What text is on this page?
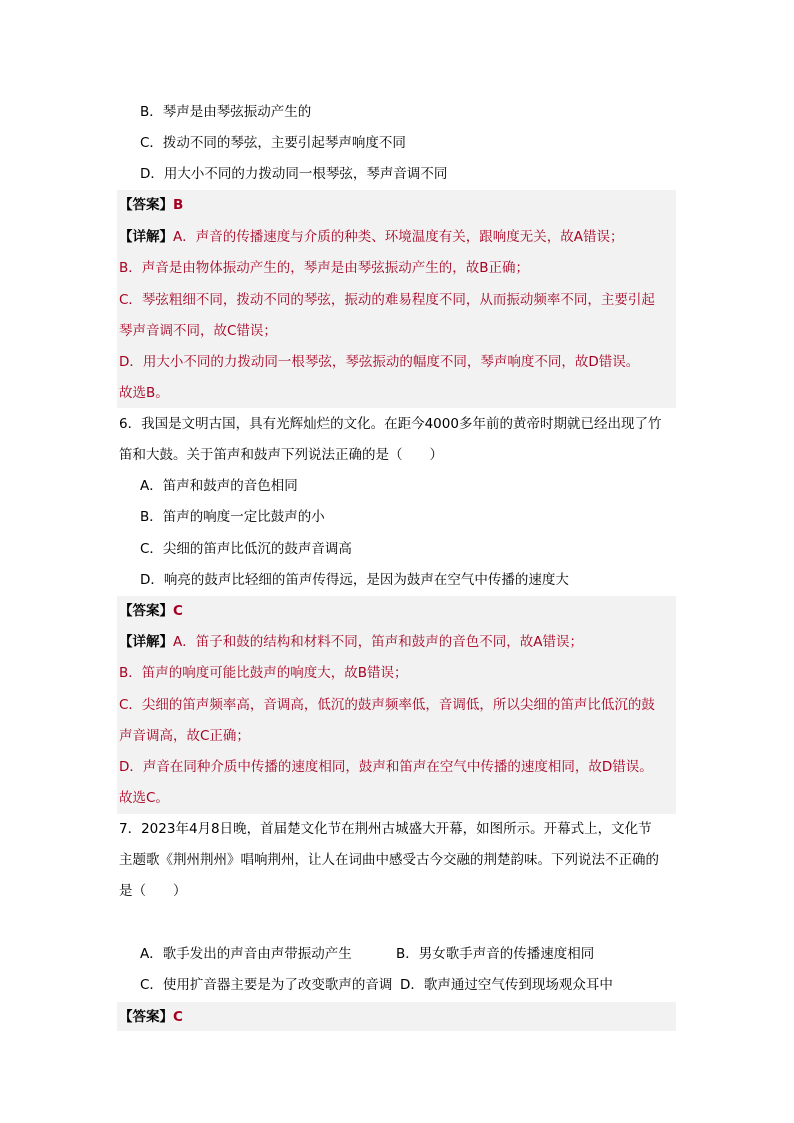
B．琴声是由琴弦振动产生的
C．拨动不同的琴弦，主要引起琴声响度不同
D．用大小不同的力拨动同一根琴弦，琴声音调不同
【答案】B
【详解】A．声音的传播速度与介质的种类、环境温度有关，跟响度无关，故A错误；
B．声音是由物体振动产生的，琴声是由琴弦振动产生的，故B正确；
C．琴弦粗细不同，拨动不同的琴弦，振动的难易程度不同，从而振动频率不同，主要引起
琴声音调不同，故C错误；
D．用大小不同的力拨动同一根琴弦，琴弦振动的幅度不同，琴声响度不同，故D错误。
故选B。
6．我国是文明古国，具有光辉灿烂的文化。在距今4000多年前的黄帝时期就已经出现了竹
笛和大鼓。关于笛声和鼓声下列说法正确的是（　　）
A．笛声和鼓声的音色相同
B．笛声的响度一定比鼓声的小
C．尖细的笛声比低沉的鼓声音调高
D．响亮的鼓声比轻细的笛声传得远，是因为鼓声在空气中传播的速度大
【答案】C
【详解】A．笛子和鼓的结构和材料不同，笛声和鼓声的音色不同，故A错误；
B．笛声的响度可能比鼓声的响度大，故B错误；
C．尖细的笛声频率高，音调高，低沉的鼓声频率低，音调低，所以尖细的笛声比低沉的鼓
声音调高，故C正确；
D．声音在同种介质中传播的速度相同，鼓声和笛声在空气中传播的速度相同，故D错误。
故选C。
7．2023年4月8日晚，首届楚文化节在荆州古城盛大开幕，如图所示。开幕式上，文化节
主题歌《荆州荆州》唱响荆州，让人在词曲中感受古今交融的荆楚韵味。下列说法不正确的
是（　　）
A．歌手发出的声音由声带振动产生	B．男女歌手声音的传播速度相同
C．使用扩音器主要是为了改变歌声的音调 D．歌声通过空气传到现场观众耳中
【答案】C
